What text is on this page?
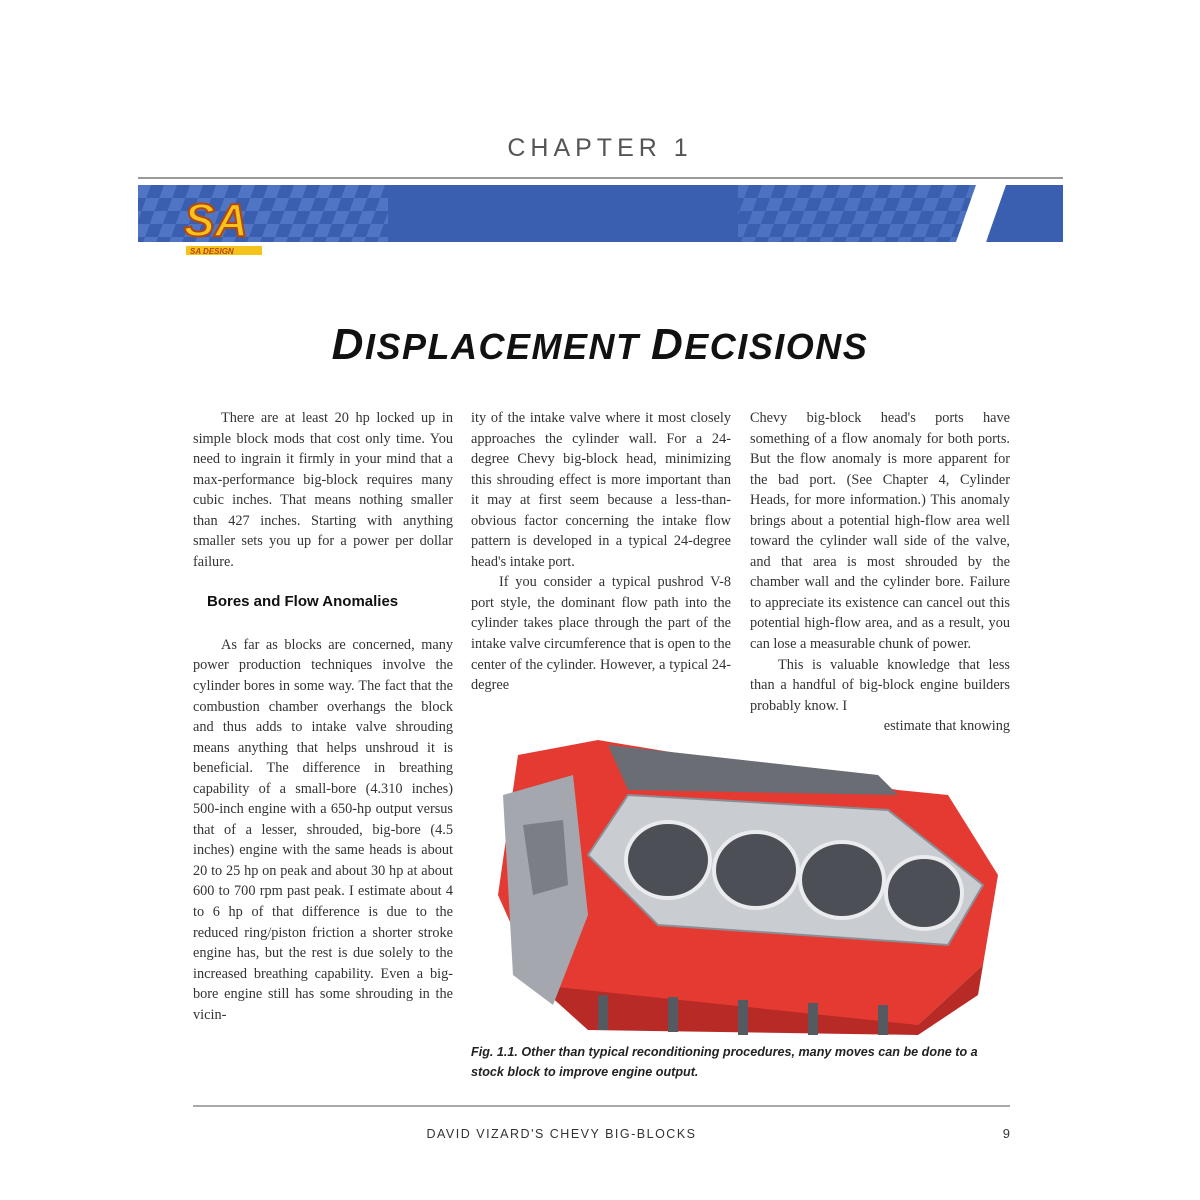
CHAPTER 1
SA
SA DESIGN
DISPLACEMENT DECISIONS

There are at least 20 hp locked up in simple block mods that cost only time. You need to ingrain it firmly in your mind that a max-performance big-block requires many cubic inches. That means nothing smaller than 427 inches. Starting with anything smaller sets you up for a power per dollar failure.

Bores and Flow Anomalies

As far as blocks are concerned, many power production techniques involve the cylinder bores in some way. The fact that the combustion chamber overhangs the block and thus adds to intake valve shrouding means anything that helps unshroud it is beneficial. The difference in breathing capability of a small-bore (4.310 inches) 500-inch engine with a 650-hp output versus that of a lesser, shrouded, big-bore (4.5 inches) engine with the same heads is about 20 to 25 hp on peak and about 30 hp at about 600 to 700 rpm past peak. I estimate about 4 to 6 hp of that difference is due to the reduced ring/piston friction a shorter stroke engine has, but the rest is due solely to the increased breathing capability. Even a big-bore engine still has some shrouding in the vicin-

ity of the intake valve where it most closely approaches the cylinder wall. For a 24-degree Chevy big-block head, minimizing this shrouding effect is more important than it may at first seem because a less-than-obvious factor concerning the intake flow pattern is developed in a typical 24-degree head's intake port.

If you consider a typical pushrod V-8 port style, the dominant flow path into the cylinder takes place through the part of the intake valve circumference that is open to the center of the cylinder. However, a typical 24-degree

Chevy big-block head's ports have something of a flow anomaly for both ports. But the flow anomaly is more apparent for the bad port. (See Chapter 4, Cylinder Heads, for more information.) This anomaly brings about a potential high-flow area well toward the cylinder wall side of the valve, and that area is most shrouded by the chamber wall and the cylinder bore. Failure to appreciate its existence can cancel out this potential high-flow area, and as a result, you can lose a measurable chunk of power.

This is valuable knowledge that less than a handful of big-block engine builders probably know. I

estimate that knowing

Fig. 1.1. Other than typical reconditioning procedures, many moves can be done to a stock block to improve engine output.
DAVID VIZARD'S CHEVY BIG-BLOCKS	9
